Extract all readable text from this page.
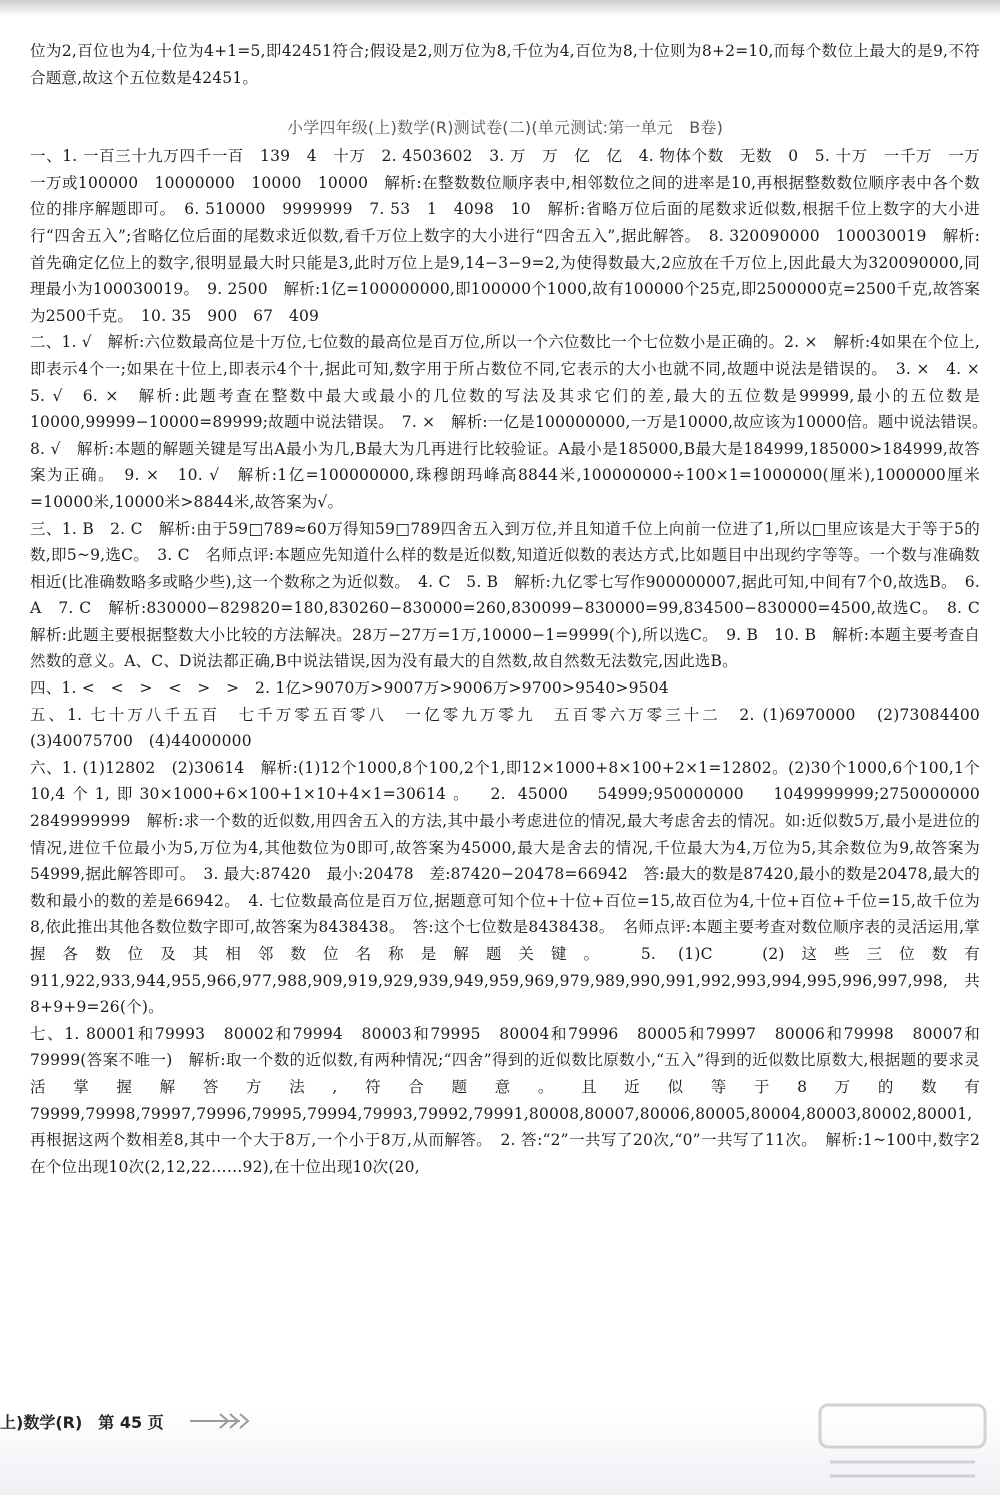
位为2,百位也为4,十位为4+1=5,即42451符合;假设是2,则万位为8,千位为4,百位为8,十位则为8+2=10,而每个数位上最大的是9,不符合题意,故这个五位数是42451。

小学四年级(上)数学(R)测试卷(二)(单元测试:第一单元　B卷)

一、1. 一百三十九万四千一百　139　4　十万　2. 4503602　3. 万　万　亿　亿　4. 物体个数　无数　0　5. 十万　一千万　一万　一万或100000　10000000　10000　10000　解析:在整数数位顺序表中,相邻数位之间的进率是10,再根据整数数位顺序表中各个数位的排序解题即可。　6. 510000　9999999　7. 53　1　4098　10　解析:省略万位后面的尾数求近似数,根据千位上数字的大小进行“四舍五入”;省略亿位后面的尾数求近似数,看千万位上数字的大小进行“四舍五入”,据此解答。　8. 320090000　100030019　解析:首先确定亿位上的数字,很明显最大时只能是3,此时万位上是9,14−3−9=2,为使得数最大,2应放在千万位上,因此最大为320090000,同理最小为100030019。　9. 2500　解析:1亿=100000000,即100000个1000,故有100000个25克,即2500000克=2500千克,故答案为2500千克。　10. 35　900　67　409

二、1. √　解析:六位数最高位是十万位,七位数的最高位是百万位,所以一个六位数比一个七位数小是正确的。2. ×　解析:4如果在个位上,即表示4个一;如果在十位上,即表示4个十,据此可知,数字用于所占数位不同,它表示的大小也就不同,故题中说法是错误的。　3. ×　4. ×　5. √　6. ×　解析:此题考查在整数中最大或最小的几位数的写法及其求它们的差,最大的五位数是99999,最小的五位数是10000,99999−10000=89999;故题中说法错误。　7. ×　解析:一亿是100000000,一万是10000,故应该为10000倍。题中说法错误。　8. √　解析:本题的解题关键是写出A最小为几,B最大为几再进行比较验证。A最小是185000,B最大是184999,185000>184999,故答案为正确。　9. ×　10. √　解析:1亿=100000000,珠穆朗玛峰高8844米,100000000÷100×1=1000000(厘米),1000000厘米=10000米,10000米>8844米,故答案为√。

三、1. B　2. C　解析:由于59□789≈60万得知59□789四舍五入到万位,并且知道千位上向前一位进了1,所以□里应该是大于等于5的数,即5~9,选C。　3. C　名师点评:本题应先知道什么样的数是近似数,知道近似数的表达方式,比如题目中出现约字等等。一个数与准确数相近(比准确数略多或略少些),这一个数称之为近似数。　4. C　5. B　解析:九亿零七写作900000007,据此可知,中间有7个0,故选B。　6. A　7. C　解析:830000−829820=180,830260−830000=260,830099−830000=99,834500−830000=4500,故选C。　8. C　解析:此题主要根据整数大小比较的方法解决。28万−27万=1万,10000−1=9999(个),所以选C。　9. B　10. B　解析:本题主要考查自然数的意义。A、C、D说法都正确,B中说法错误,因为没有最大的自然数,故自然数无法数完,因此选B。

四、1. <　<　>　<　>　>　2. 1亿>9070万>9007万>9006万>9700>9540>9504

五、1. 七十万八千五百　七千万零五百零八　一亿零九万零九　五百零六万零三十二　2. (1)6970000　(2)73084400　(3)40075700　(4)44000000

六、1. (1)12802　(2)30614　解析:(1)12个1000,8个100,2个1,即12×1000+8×100+2×1=12802。(2)30个1000,6个100,1个10,4个1,即30×1000+6×100+1×10+4×1=30614。　2. 45000　54999;950000000　1049999999;2750000000　2849999999　解析:求一个数的近似数,用四舍五入的方法,其中最小考虑进位的情况,最大考虑舍去的情况。如:近似数5万,最小是进位的情况,进位千位最小为5,万位为4,其他数位为0即可,故答案为45000,最大是舍去的情况,千位最大为4,万位为5,其余数位为9,故答案为54999,据此解答即可。　3. 最大:87420　最小:20478　差:87420−20478=66942　答:最大的数是87420,最小的数是20478,最大的数和最小的数的差是66942。　4. 七位数最高位是百万位,据题意可知个位+十位+百位=15,故百位为4,十位+百位+千位=15,故千位为8,依此推出其他各数位数字即可,故答案为8438438。　答:这个七位数是8438438。　名师点评:本题主要考查对数位顺序表的灵活运用,掌握各数位及其相邻数位名称是解题关键。　5. (1)C　(2)这些三位数有911,922,933,944,955,966,977,988,909,919,929,939,949,959,969,979,989,990,991,992,993,994,995,996,997,998,共8+9+9=26(个)。

七、1. 80001和79993　80002和79994　80003和79995　80004和79996　80005和79997　80006和79998　80007和79999(答案不唯一)　解析:取一个数的近似数,有两种情况;“四舍”得到的近似数比原数小,“五入”得到的近似数比原数大,根据题的要求灵活掌握解答方法,符合题意。且近似等于8万的数有79999,79998,79997,79996,79995,79994,79993,79992,79991,80008,80007,80006,80005,80004,80003,80002,80001,再根据这两个数相差8,其中一个大于8万,一个小于8万,从而解答。　2. 答:“2”一共写了20次,“0”一共写了11次。　解析:1~100中,数字2在个位出现10次(2,12,22……92),在十位出现10次(20,

上)数学(R)　第 45 页
